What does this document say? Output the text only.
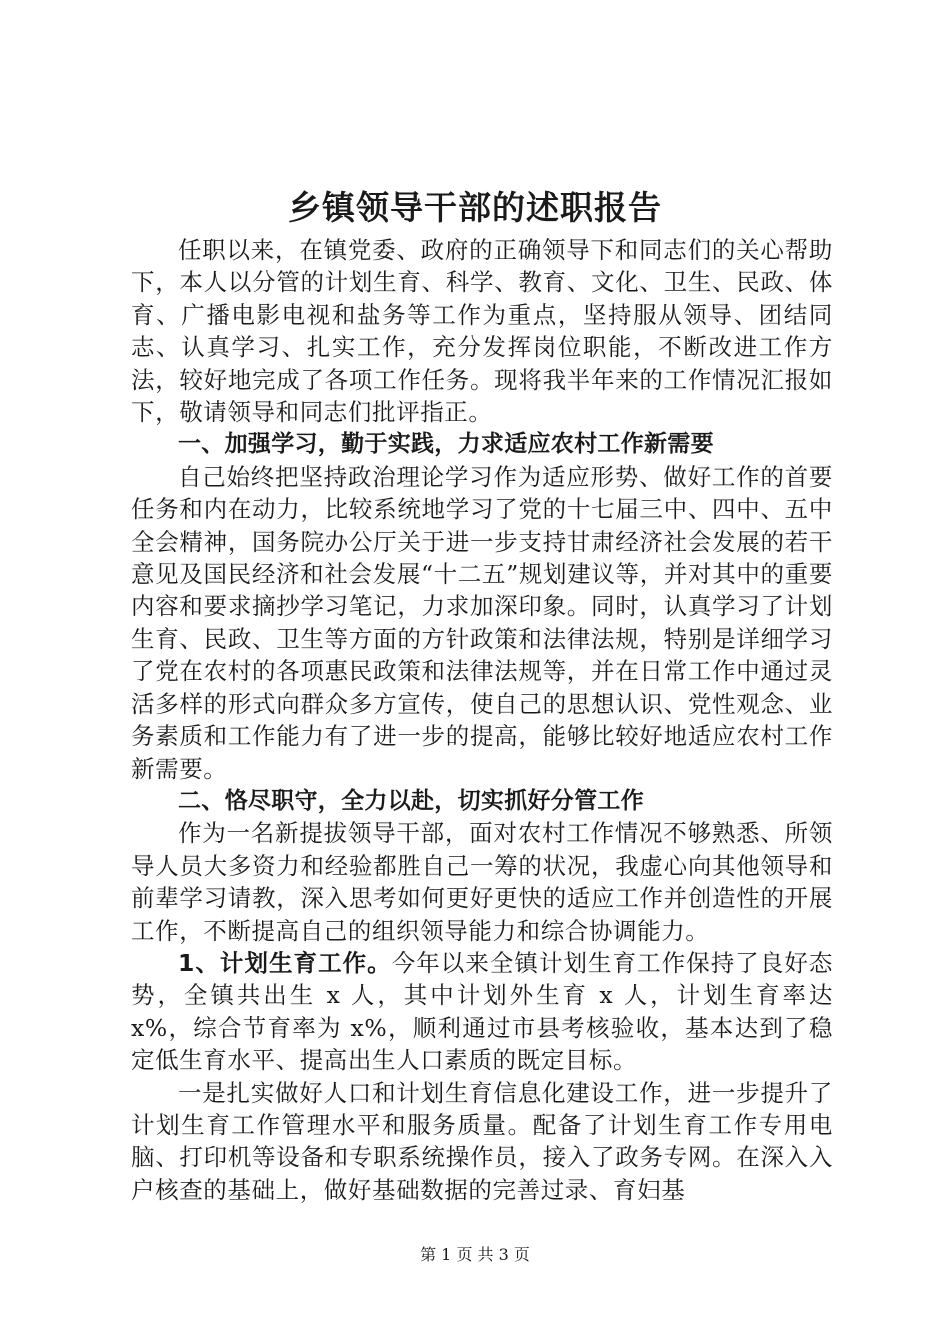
乡镇领导干部的述职报告

任职以来，在镇党委、政府的正确领导下和同志们的关心帮助下，本人以分管的计划生育、科学、教育、文化、卫生、民政、体育、广播电影电视和盐务等工作为重点，坚持服从领导、团结同志、认真学习、扎实工作，充分发挥岗位职能，不断改进工作方法，较好地完成了各项工作任务。现将我半年来的工作情况汇报如下，敬请领导和同志们批评指正。

一、加强学习，勤于实践，力求适应农村工作新需要

自己始终把坚持政治理论学习作为适应形势、做好工作的首要任务和内在动力，比较系统地学习了党的十七届三中、四中、五中全会精神，国务院办公厅关于进一步支持甘肃经济社会发展的若干意见及国民经济和社会发展“十二五”规划建议等，并对其中的重要内容和要求摘抄学习笔记，力求加深印象。同时，认真学习了计划生育、民政、卫生等方面的方针政策和法律法规，特别是详细学习了党在农村的各项惠民政策和法律法规等，并在日常工作中通过灵活多样的形式向群众多方宣传，使自己的思想认识、党性观念、业务素质和工作能力有了进一步的提高，能够比较好地适应农村工作新需要。

二、恪尽职守，全力以赴，切实抓好分管工作

作为一名新提拔领导干部，面对农村工作情况不够熟悉、所领导人员大多资力和经验都胜自己一筹的状况，我虚心向其他领导和前辈学习请教，深入思考如何更好更快的适应工作并创造性的开展工作，不断提高自己的组织领导能力和综合协调能力。

1、计划生育工作。今年以来全镇计划生育工作保持了良好态势，全镇共出生 x 人，其中计划外生育 x 人，计划生育率达 x%，综合节育率为 x%，顺利通过市县考核验收，基本达到了稳定低生育水平、提高出生人口素质的既定目标。

一是扎实做好人口和计划生育信息化建设工作，进一步提升了计划生育工作管理水平和服务质量。配备了计划生育工作专用电脑、打印机等设备和专职系统操作员，接入了政务专网。在深入入户核查的基础上，做好基础数据的完善过录、育妇基

第 1 页 共 3 页
